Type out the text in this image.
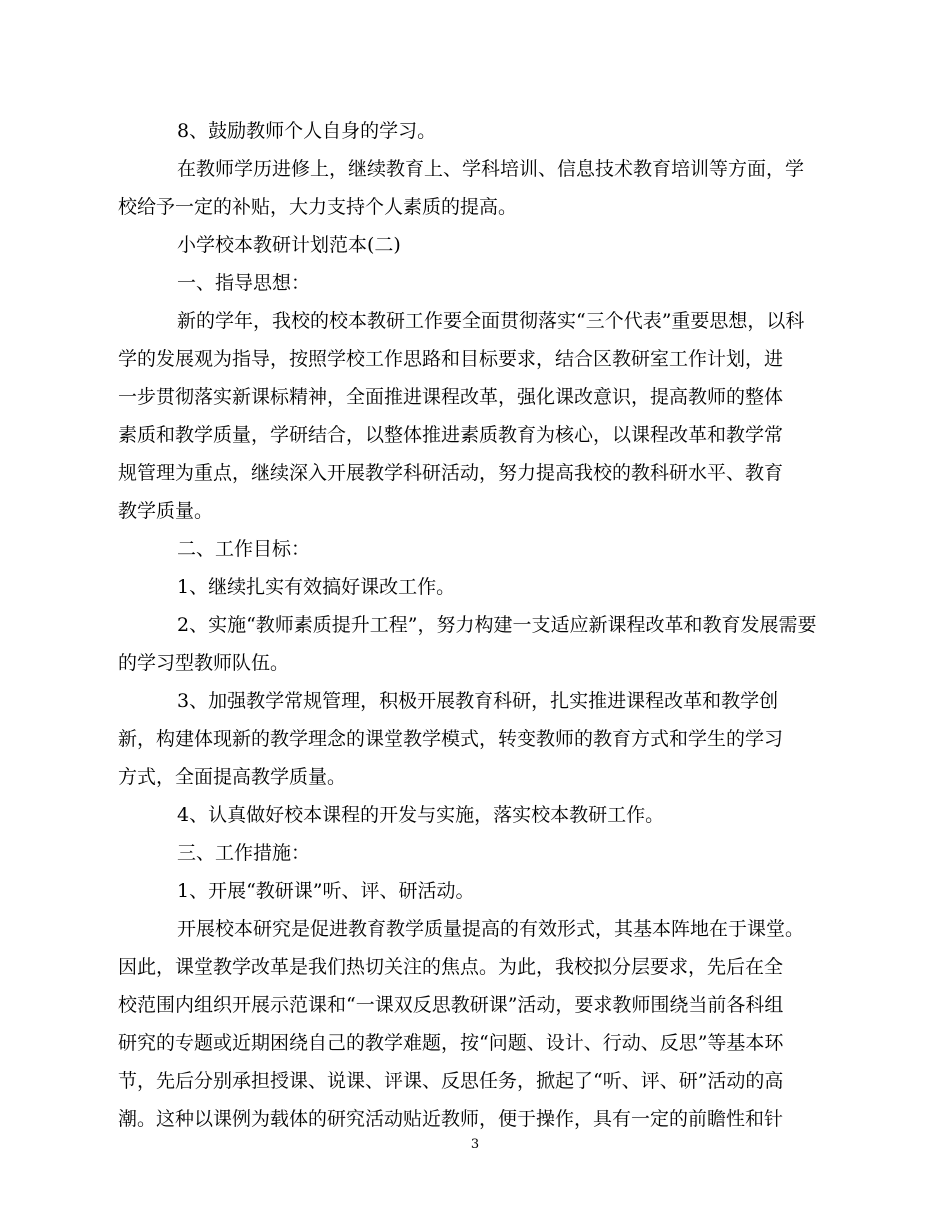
8、鼓励教师个人自身的学习。
在教师学历进修上，继续教育上、学科培训、信息技术教育培训等方面，学
校给予一定的补贴，大力支持个人素质的提高。
小学校本教研计划范本(二)
一、指导思想：
新的学年，我校的校本教研工作要全面贯彻落实“三个代表”重要思想，以科
学的发展观为指导，按照学校工作思路和目标要求，结合区教研室工作计划，进
一步贯彻落实新课标精神，全面推进课程改革，强化课改意识，提高教师的整体
素质和教学质量，学研结合，以整体推进素质教育为核心，以课程改革和教学常
规管理为重点，继续深入开展教学科研活动，努力提高我校的教科研水平、教育
教学质量。
二、工作目标：
1、继续扎实有效搞好课改工作。
2、实施“教师素质提升工程”，努力构建一支适应新课程改革和教育发展需要
的学习型教师队伍。
3、加强教学常规管理，积极开展教育科研，扎实推进课程改革和教学创
新，构建体现新的教学理念的课堂教学模式，转变教师的教育方式和学生的学习
方式，全面提高教学质量。
4、认真做好校本课程的开发与实施，落实校本教研工作。
三、工作措施：
1、开展“教研课”听、评、研活动。
开展校本研究是促进教育教学质量提高的有效形式，其基本阵地在于课堂。
因此，课堂教学改革是我们热切关注的焦点。为此，我校拟分层要求，先后在全
校范围内组织开展示范课和“一课双反思教研课”活动，要求教师围绕当前各科组
研究的专题或近期困绕自己的教学难题，按“问题、设计、行动、反思”等基本环
节，先后分别承担授课、说课、评课、反思任务，掀起了“听、评、研”活动的高
潮。这种以课例为载体的研究活动贴近教师，便于操作，具有一定的前瞻性和针
3
